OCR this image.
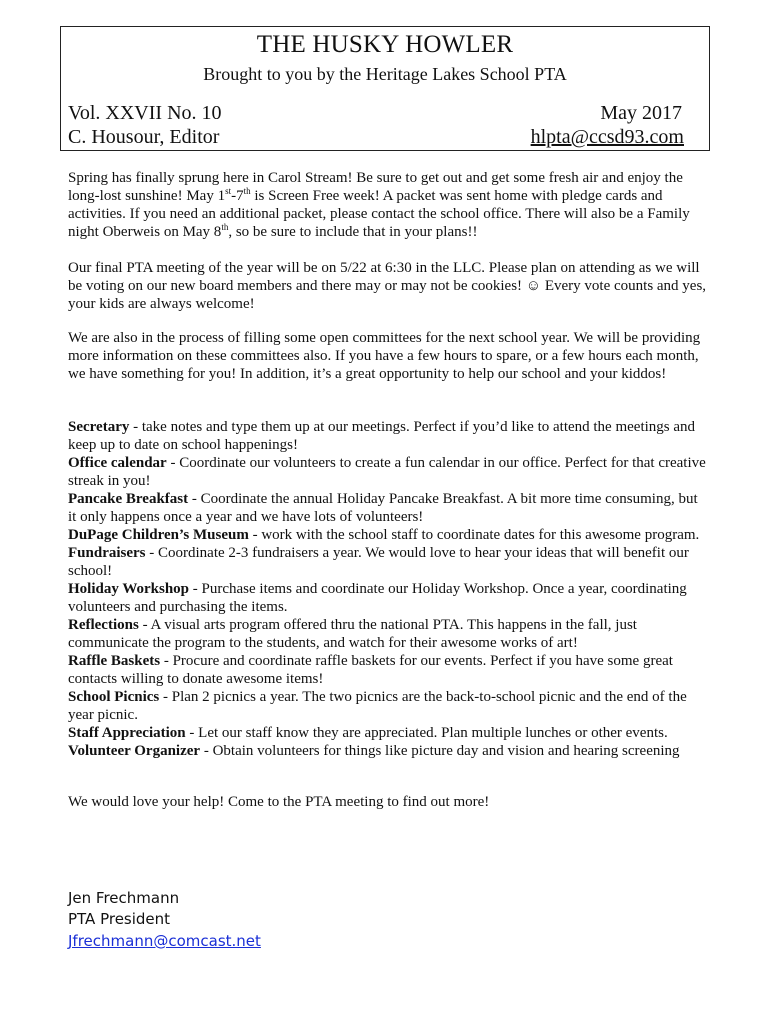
THE HUSKY HOWLER
Brought to you by the Heritage Lakes School PTA
Vol. XXVII No. 10
C. Housour, Editor
May 2017
hlpta@ccsd93.com

Spring has finally sprung here in Carol Stream! Be sure to get out and get some fresh air and enjoy the long-lost sunshine! May 1st-7th is Screen Free week! A packet was sent home with pledge cards and activities. If you need an additional packet, please contact the school office. There will also be a Family night Oberweis on May 8th, so be sure to include that in your plans!!

Our final PTA meeting of the year will be on 5/22 at 6:30 in the LLC. Please plan on attending as we will be voting on our new board members and there may or may not be cookies! ☺ Every vote counts and yes, your kids are always welcome!

We are also in the process of filling some open committees for the next school year. We will be providing more information on these committees also. If you have a few hours to spare, or a few hours each month, we have something for you! In addition, it’s a great opportunity to help our school and your kiddos!

Secretary - take notes and type them up at our meetings. Perfect if you’d like to attend the meetings and keep up to date on school happenings!
Office calendar - Coordinate our volunteers to create a fun calendar in our office. Perfect for that creative streak in you!
Pancake Breakfast - Coordinate the annual Holiday Pancake Breakfast. A bit more time consuming, but it only happens once a year and we have lots of volunteers!
DuPage Children’s Museum - work with the school staff to coordinate dates for this awesome program.
Fundraisers - Coordinate 2-3 fundraisers a year. We would love to hear your ideas that will benefit our school!
Holiday Workshop - Purchase items and coordinate our Holiday Workshop. Once a year, coordinating volunteers and purchasing the items.
Reflections - A visual arts program offered thru the national PTA. This happens in the fall, just communicate the program to the students, and watch for their awesome works of art!
Raffle Baskets - Procure and coordinate raffle baskets for our events. Perfect if you have some great contacts willing to donate awesome items!
School Picnics - Plan 2 picnics a year. The two picnics are the back-to-school picnic and the end of the year picnic.
Staff Appreciation - Let our staff know they are appreciated. Plan multiple lunches or other events.
Volunteer Organizer - Obtain volunteers for things like picture day and vision and hearing screening

We would love your help! Come to the PTA meeting to find out more!

Jen Frechmann
PTA President
Jfrechmann@comcast.net
